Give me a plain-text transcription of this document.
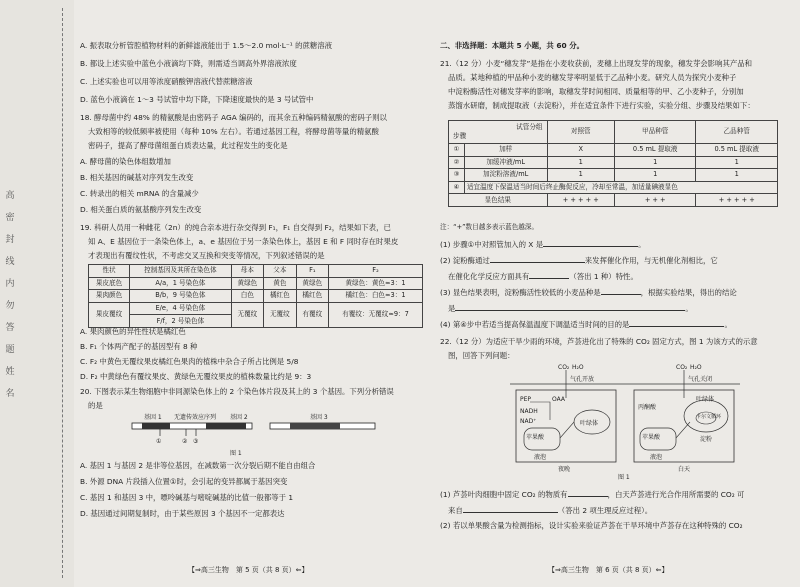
高
密
封
线
内
勿
答
题
姓
名
A. 振表取分析管腔植物材料的新鲜滤液能出于 1.5～2.0 mol·L⁻¹ 的蔗糖溶液
B. 都设上述实验中蓝色小液滴均下降，则需适当调高外界溶液浓度
C. 上述实验也可以用等浓度硝酸钾溶液代替蔗糖溶液
D. 蓝色小液滴在 1～3 号试管中均下降，下降速度最快的是 3 号试管中
18. 酵母菌中约 48% 的精氨酸是由密码子 AGA 编码的，而其余五种编码精氨酸的密码子则以
大致相等的较低频率被使用（每种 10% 左右）。若通过基因工程，将酵母菌等量的精氨酸
密码子，提高了酵母菌组蛋白质表达量，此过程发生的变化是
A. 酵母菌的染色体组数增加
B. 相关基因的碱基对序列发生改变
C. 转录出的相关 mRNA 的含量减少
D. 相关蛋白质的氨基酸序列发生改变
19. 科研人员用一种雌花（2n）的纯合亲本进行杂交得到 F₁，F₁ 自交得到 F₂，结果如下表，已
知 A、E 基因位于一条染色体上，a、e 基因位于另一条染色体上，基因 E 和 F 同时存在时果皮
才表现出有覆纹性状，不考虑交叉互换和突变等情况，下列叙述错误的是
性状	控制基因及其所在染色体	母本	父本	F₁	F₂
果皮底色	A/a，1 号染色体	黄绿色	黄色	黄绿色	黄绿色：黄色≈3：1
果肉颜色	B/b，9 号染色体	白色	橘红色	橘红色	橘红色：白色≈3：1
果皮覆纹	E/e，4 号染色体	无覆纹	无覆纹	有覆纹	有覆纹：无覆纹≈9：7
	F/f，2 号染色体				
A. 果肉颜色的异性性状是橘红色
B. F₁ 个体两产配子的基因型有 8 种
C. F₂ 中黄色无覆纹果皮橘红色果肉的植株中杂合子所占比例是 5/8
D. F₂ 中黄绿色有覆纹果皮、黄绿色无覆纹果皮的植株数量比约是 9：3
20. 下图表示某生物细胞中非同源染色体上的 2 个染色体片段及其上的 3 个基因。下列分析错误
的是
基因 1 无遗传效应序列 基因 2	基因 3
①	② ③
图 1
A. 基因 1 与基因 2 是非等位基因，在减数第一次分裂后期不能自由组合
B. 外源 DNA 片段插入位置①时，会引起的变异都属于基因突变
C. 基因 1 和基因 3 中，嘌呤碱基与嘧啶碱基的比值一般都等于 1
D. 基因通过间期复制时，由于某些原因 3 个基因不一定都表达
【⇒高三生物　第 5 页（共 8 页）⇐】
二、非选择题：本题共 5 小题，共 60 分。
21.（12 分）小麦“穗发芽”是指在小麦收获前，麦穗上出现发芽的现象，穗发芽会影响其产品和
品质。某地种植的甲品种小麦的穗发芽率明显低于乙品种小麦。研究人员为探究小麦种子
中淀粉酶活性对穗发芽率的影响，取穗发芽时间相同、质量相等的甲、乙小麦种子，分别加
蒸馏水研磨，制成提取液（去淀粉），并在适宜条件下进行实验，实验分组、步骤及结果如下：
试管分组
步骤		对照管	甲品种管	乙品种管
①	加样	X	0.5 mL 提取液	0.5 mL 提取液
②	加缓冲液/mL	1	1	1
③	加淀粉溶液/mL	1	1	1
④	适宜温度下保温适当时间后终止酶促反应，冷却至常温，加适量碘液显色			
显色结果		+ + + + +	+ + +	+ + + + +
注：“+”数目越多表示蓝色越深。
(1) 步骤①中对照管加入的 X 是	。
(2) 淀粉酶通过	来发挥催化作用，与无机催化剂相比，它
在催化化学反应方面具有	（答出 1 种）特性。
(3) 显色结果表明，淀粉酶活性较低的小麦品种是	，根据实验结果，得出的结论
是	。
(4) 第④步中若适当提高保温温度下调温适当时间的目的是	。
22.（12 分）为适应干旱少雨的环境，芦荟进化出了特殊的 CO₂ 固定方式，图 1 为该方式的示意
图，回答下列问题：
CO₂ H₂O
气孔开放
PEP	OAA
NADH
NAD⁺
苹果酸
液泡
叶绿体
夜晚
CO₂ H₂O
气孔关闭
丙酮酸
卡尔文循环
淀粉
苹果酸
液泡
叶绿体
白天
图 1
(1) 芦荟叶肉细胞中固定 CO₂ 的物质有	，白天芦荟进行光合作用所需要的 CO₂ 可
来自	（答出 2 项生理反应过程）。
(2) 若以单果酸含量为检测指标，设计实验来验证芦荟在干旱环境中芦荟存在这种特殊的 CO₂
【⇒高三生物　第 6 页（共 8 页）⇐】
